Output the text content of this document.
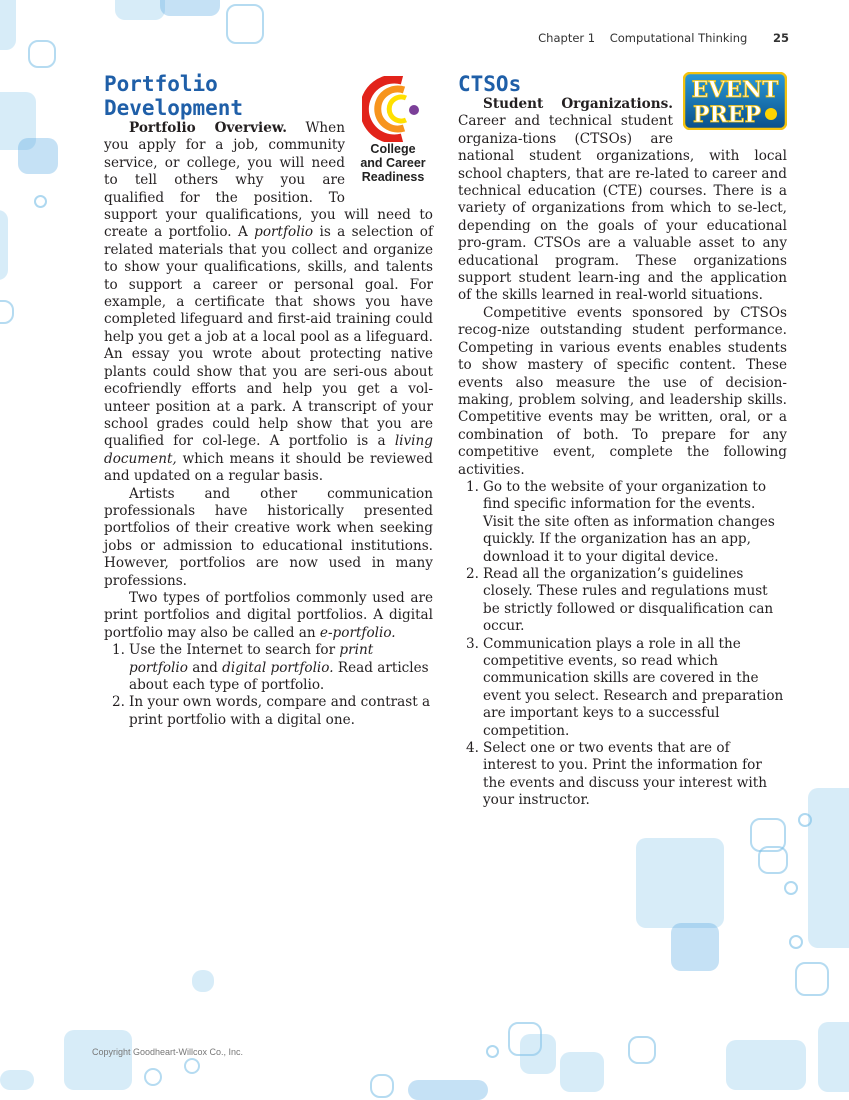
Chapter 1 Computational Thinking 25
College
and Career
Readiness
Portfolio Development

Portfolio Overview. When you apply for a job, community service, or college, you will need to tell others why you are qualified for the position. To support your qualifications, you will need to create a portfolio. A portfolio is a selection of related materials that you collect and organize to show your qualifications, skills, and talents to support a career or personal goal. For example, a certificate that shows you have completed lifeguard and first-aid training could help you get a job at a local pool as a lifeguard. An essay you wrote about protecting native plants could show that you are seri-ous about ecofriendly efforts and help you get a vol-unteer position at a park. A transcript of your school grades could help show that you are qualified for col-lege. A portfolio is a living document, which means it should be reviewed and updated on a regular basis.

Artists and other communication professionals have historically presented portfolios of their creative work when seeking jobs or admission to educational institutions. However, portfolios are now used in many professions.

Two types of portfolios commonly used are print portfolios and digital portfolios. A digital portfolio may also be called an e-portfolio.

1. Use the Internet to search for print portfolio and digital portfolio. Read articles about each type of portfolio.
2. In your own words, compare and contrast a print portfolio with a digital one.
EVENT
PREP
CTSOs

Student Organizations. Career and technical student organiza-tions (CTSOs) are national student organizations, with local school chapters, that are re-lated to career and technical education (CTE) courses. There is a variety of organizations from which to se-lect, depending on the goals of your educational pro-gram. CTSOs are a valuable asset to any educational program. These organizations support student learn-ing and the application of the skills learned in real-world situations.

Competitive events sponsored by CTSOs recog-nize outstanding student performance. Competing in various events enables students to show mastery of specific content. These events also measure the use of decision-making, problem solving, and leadership skills. Competitive events may be written, oral, or a combination of both. To prepare for any competitive event, complete the following activities.

1. Go to the website of your organization to find specific information for the events. Visit the site often as information changes quickly. If the organization has an app, download it to your digital device.
2. Read all the organization’s guidelines closely. These rules and regulations must be strictly followed or disqualification can occur.
3. Communication plays a role in all the competitive events, so read which communication skills are covered in the event you select. Research and preparation are important keys to a successful competition.
4. Select one or two events that are of interest to you. Print the information for the events and discuss your interest with your instructor.
Copyright Goodheart-Willcox Co., Inc.
